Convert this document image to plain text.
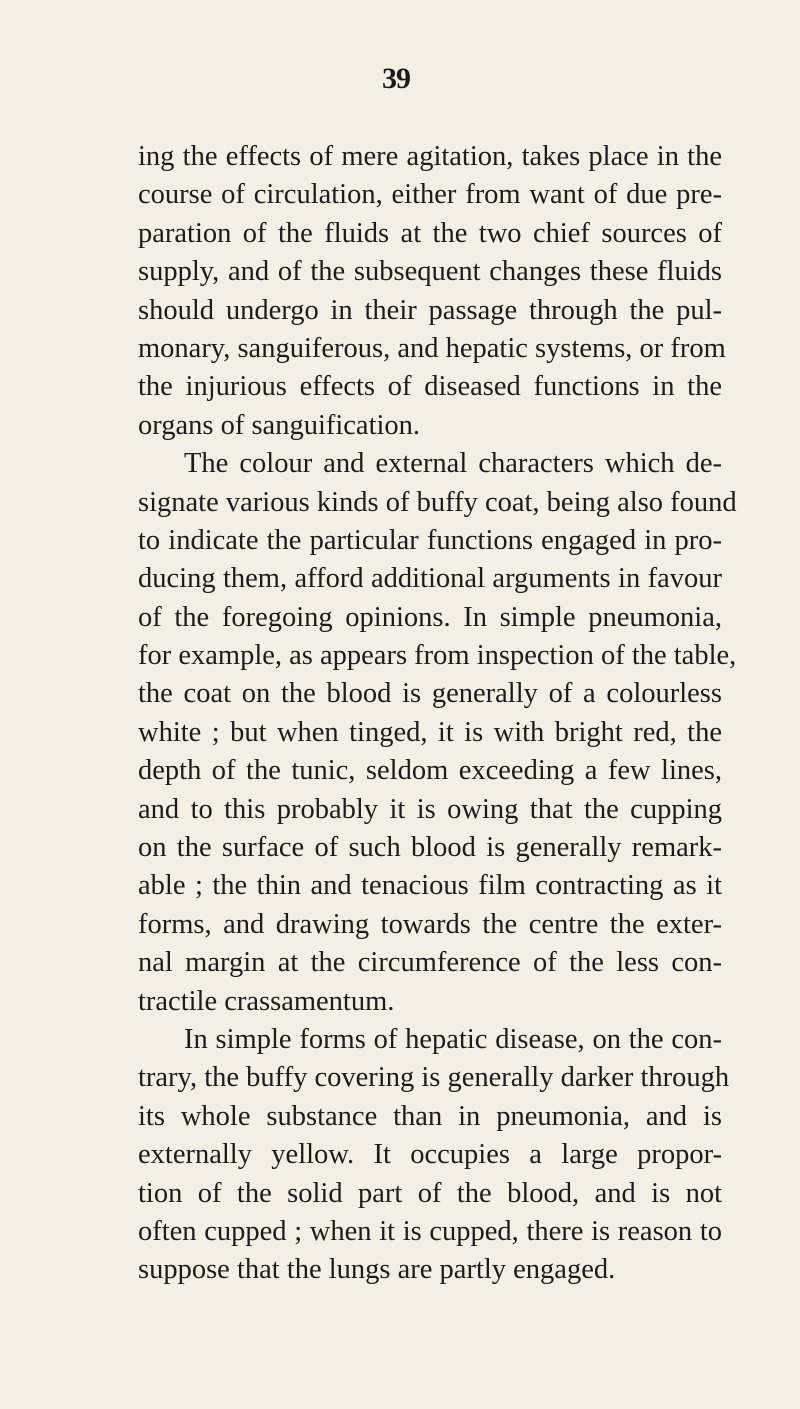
39
ing the effects of mere agitation, takes place in the
course of circulation, either from want of due pre-
paration of the fluids at the two chief sources of
supply, and of the subsequent changes these fluids
should undergo in their passage through the pul-
monary, sanguiferous, and hepatic systems, or from
the injurious effects of diseased functions in the
organs of sanguification.
The colour and external characters which de-
signate various kinds of buffy coat, being also found
to indicate the particular functions engaged in pro-
ducing them, afford additional arguments in favour
of the foregoing opinions. In simple pneumonia,
for example, as appears from inspection of the table,
the coat on the blood is generally of a colourless
white ; but when tinged, it is with bright red, the
depth of the tunic, seldom exceeding a few lines,
and to this probably it is owing that the cupping
on the surface of such blood is generally remark-
able ; the thin and tenacious film contracting as it
forms, and drawing towards the centre the exter-
nal margin at the circumference of the less con-
tractile crassamentum.
In simple forms of hepatic disease, on the con-
trary, the buffy covering is generally darker through
its whole substance than in pneumonia, and is
externally yellow. It occupies a large propor-
tion of the solid part of the blood, and is not
often cupped ; when it is cupped, there is reason to
suppose that the lungs are partly engaged.
